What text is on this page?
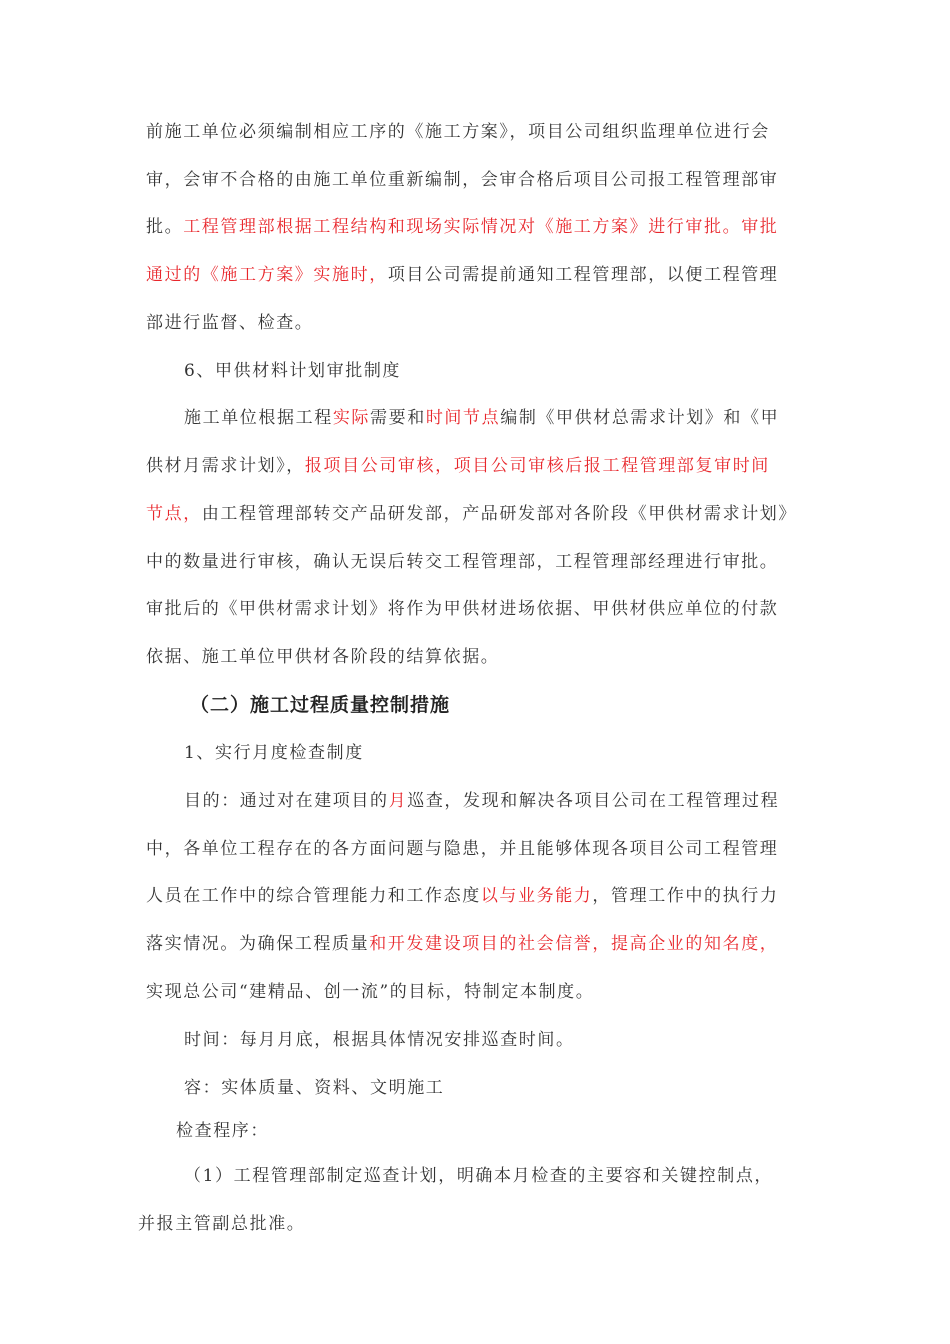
前施工单位必须编制相应工序的《施工方案》，项目公司组织监理单位进行会
审，会审不合格的由施工单位重新编制，会审合格后项目公司报工程管理部审
批。工程管理部根据工程结构和现场实际情况对《施工方案》进行审批。审批
通过的《施工方案》实施时，项目公司需提前通知工程管理部，以便工程管理
部进行监督、检查。
6、甲供材料计划审批制度
施工单位根据工程实际需要和时间节点编制《甲供材总需求计划》和《甲
供材月需求计划》，报项目公司审核，项目公司审核后报工程管理部复审时间
节点，由工程管理部转交产品研发部，产品研发部对各阶段《甲供材需求计划》
中的数量进行审核，确认无误后转交工程管理部，工程管理部经理进行审批。
审批后的《甲供材需求计划》将作为甲供材进场依据、甲供材供应单位的付款
依据、施工单位甲供材各阶段的结算依据。
（二）施工过程质量控制措施
1、实行月度检查制度
目的：通过对在建项目的月巡查，发现和解决各项目公司在工程管理过程
中，各单位工程存在的各方面问题与隐患，并且能够体现各项目公司工程管理
人员在工作中的综合管理能力和工作态度以与业务能力，管理工作中的执行力
落实情况。为确保工程质量和开发建设项目的社会信誉，提高企业的知名度，
实现总公司“建精品、创一流”的目标，特制定本制度。
时间：每月月底，根据具体情况安排巡查时间。
容：实体质量、资料、文明施工
检查程序：
（1）工程管理部制定巡查计划，明确本月检查的主要容和关键控制点，
并报主管副总批准。
